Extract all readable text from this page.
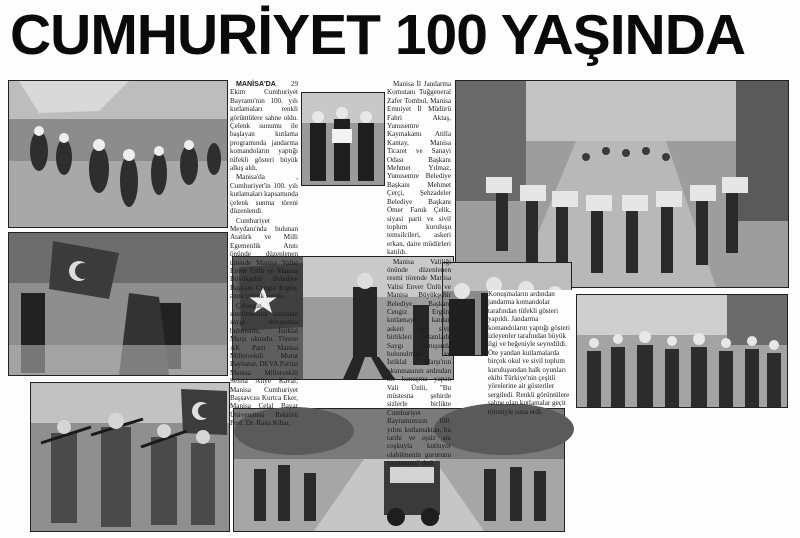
CUMHURİYET 100 YAŞINDA

MANİSA'DA 29 Ekim Cumhuriyet Bayramı'nın 100. yılı kutlamaları renkli görüntülere sahne oldu. Çelenk sunumu ile başlayan kutlama programında jandarma komandoların yaptığı tüfekli gösteri büyük alkış aldı.

Manisa'da , Cumhuriyet'in 100. yılı kutlamaları kapsamında çelenk sunma töreni düzenlendi.

Cumhuriyet Meydanı'nda bulunan Atatürk ve Milli Egemenlik Anıtı önünde düzenlenen törende Manisa Valisi Enver Ünlü ve Manisa Büyükşehir Belediye Başkanı Cengiz Ergün, anıta çelenk sundu.

Çelengin sunulmasının ardından saygı duruşunda bulunuldu, İstiklal Marşı okundu. Törene AK Parti Manisa Milletvekili Murat Baybatur, DEVA Partisi Manisa Milletvekili Selma Aliye Kavaf, Manisa Cumhuriyet Başsavcısı Kurtca Eker, Manisa Celal Bayar Üniversitesi Rektörü Prof. Dr. Rana Kibar,

Manisa İl Jandarma Komutanı Tuğgeneral Zafer Tombul, Manisa Emniyet İl Müdürü Fahri Aktaş, Yunusemre Kaymakamı Atilla Kantay, Manisa Ticaret ve Sanayi Odası Başkanı Mehmet Yılmaz, Yunusemre Belediye Başkanı Mehmet Çerçi, Şehzadeler Belediye Başkanı Ömer Faruk Çelik, siyasi parti ve sivil toplum kuruluşu temsilcileri, askeri erkan, daire müdürleri katıldı.

Manisa Valiliği önünde düzenlenen resmi törende Manisa Valisi Enver Ünlü ve Manisa Büyükşehir Belediye Başkanı Cengiz Ergün, kutlamaya katılan askeri ve sivil birlikleri selamladı. Saygı duruşunda bulunulması ve İstiklal Marşı'nın okunmasının ardından bir konuşma yapan Vali Ünlü, "Bu müstesna şehirde sizlerle birlikte Cumhuriyet Bayramımızın 100. yılını kutlamaktan, bu tarihi ve eşsiz anı coşkuyla kutluyor olabilmenin gururunu yaşıyorum" dedi.

Konuşmaların ardından jandarma komandolar tarafından tüfekli gösteri yapıldı. Jandarma komandoların yaptığı gösteri izleyenler tarafından büyük ilgi ve beğeniyle seyredildi. Öte yandan kutlamalarda birçok okul ve sivil toplum kuruluşundan halk oyunları ekibi Türkiye'nin çeşitli yörelerine ait gösteriler sergiledi. Renkli görüntülere sahne olan kutlamalar geçit töreniyle sona erdi.
